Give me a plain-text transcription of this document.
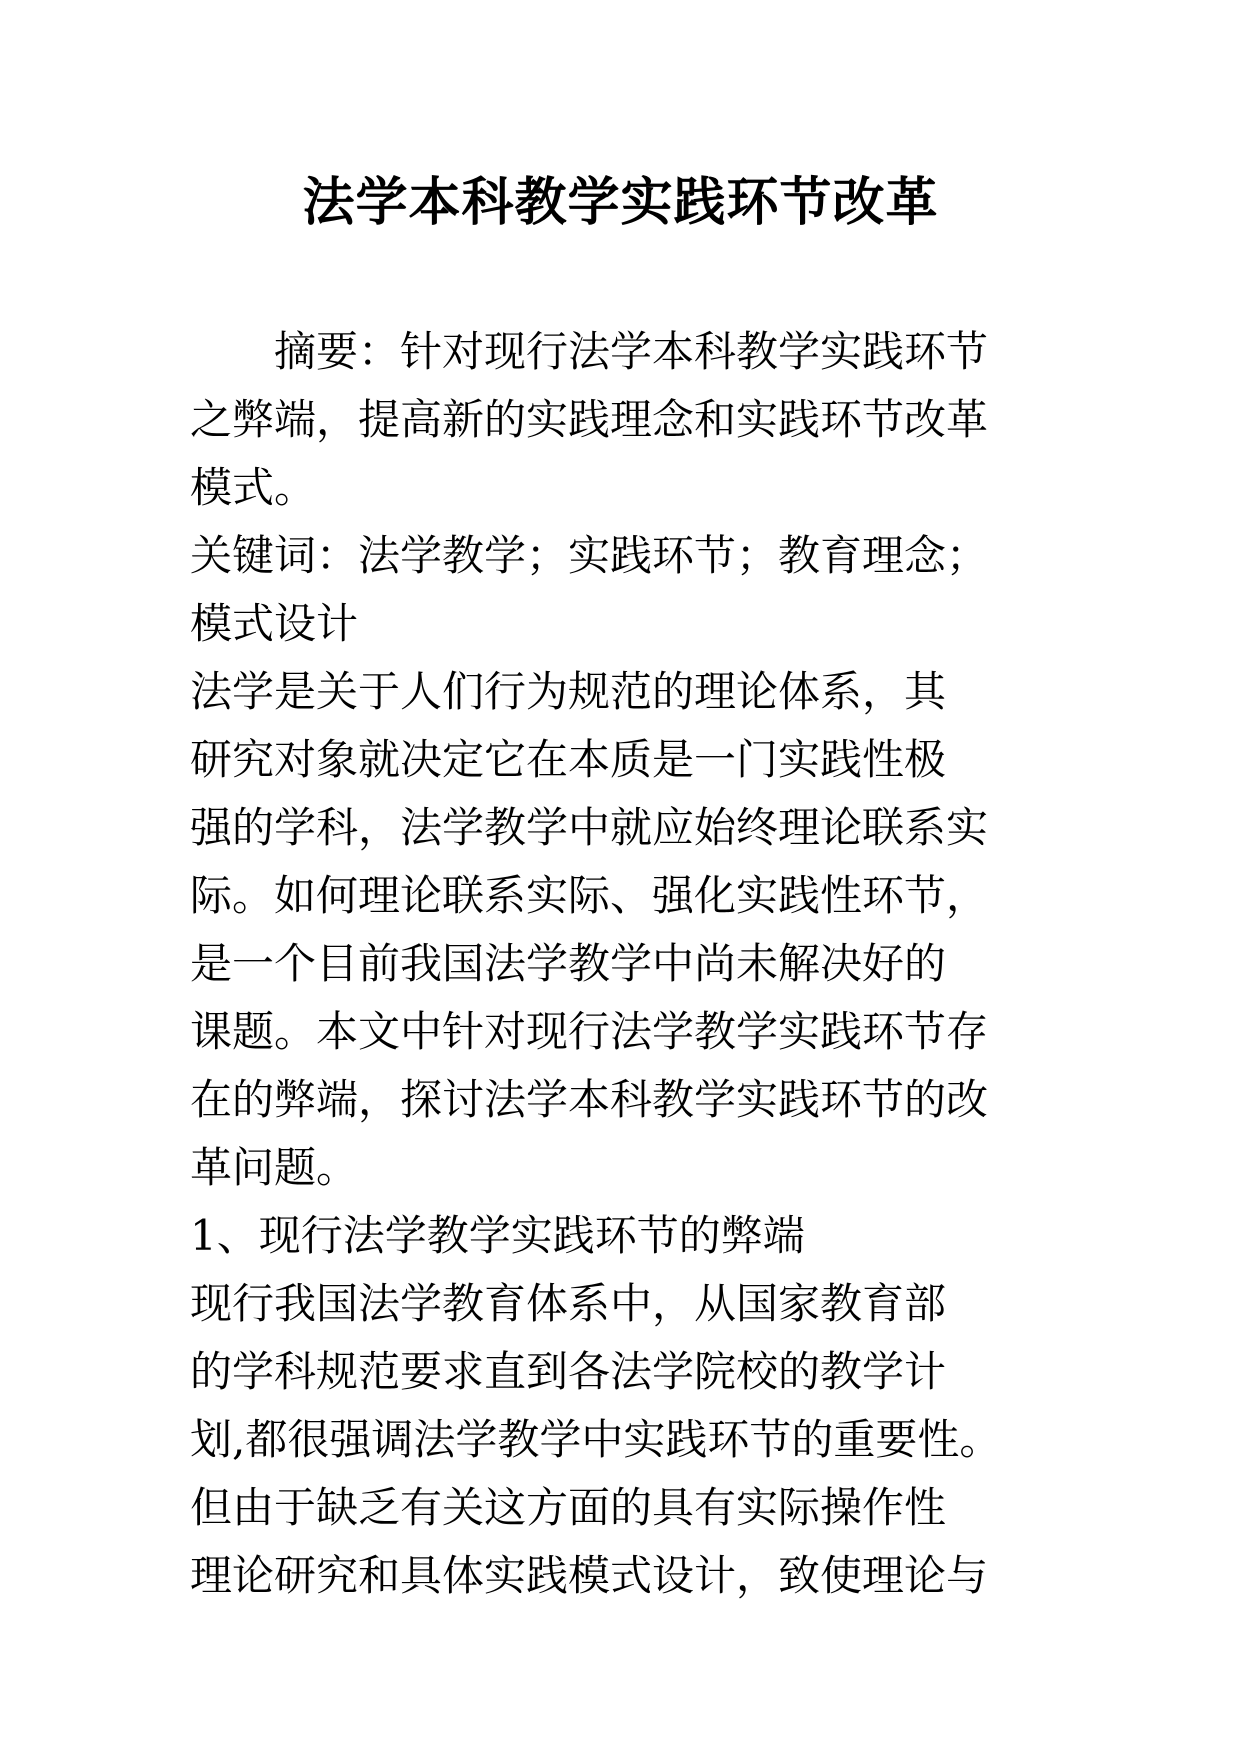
法学本科教学实践环节改革
　　摘要：针对现行法学本科教学实践环节
之弊端，提高新的实践理念和实践环节改革
模式。
关键词：法学教学；实践环节；教育理念；
模式设计
法学是关于人们行为规范的理论体系，其
研究对象就决定它在本质是一门实践性极
强的学科，法学教学中就应始终理论联系实
际。如何理论联系实际、强化实践性环节，
是一个目前我国法学教学中尚未解决好的
课题。本文中针对现行法学教学实践环节存
在的弊端，探讨法学本科教学实践环节的改
革问题。
1、现行法学教学实践环节的弊端
现行我国法学教育体系中，从国家教育部
的学科规范要求直到各法学院校的教学计
划,都很强调法学教学中实践环节的重要性。
但由于缺乏有关这方面的具有实际操作性
理论研究和具体实践模式设计，致使理论与
